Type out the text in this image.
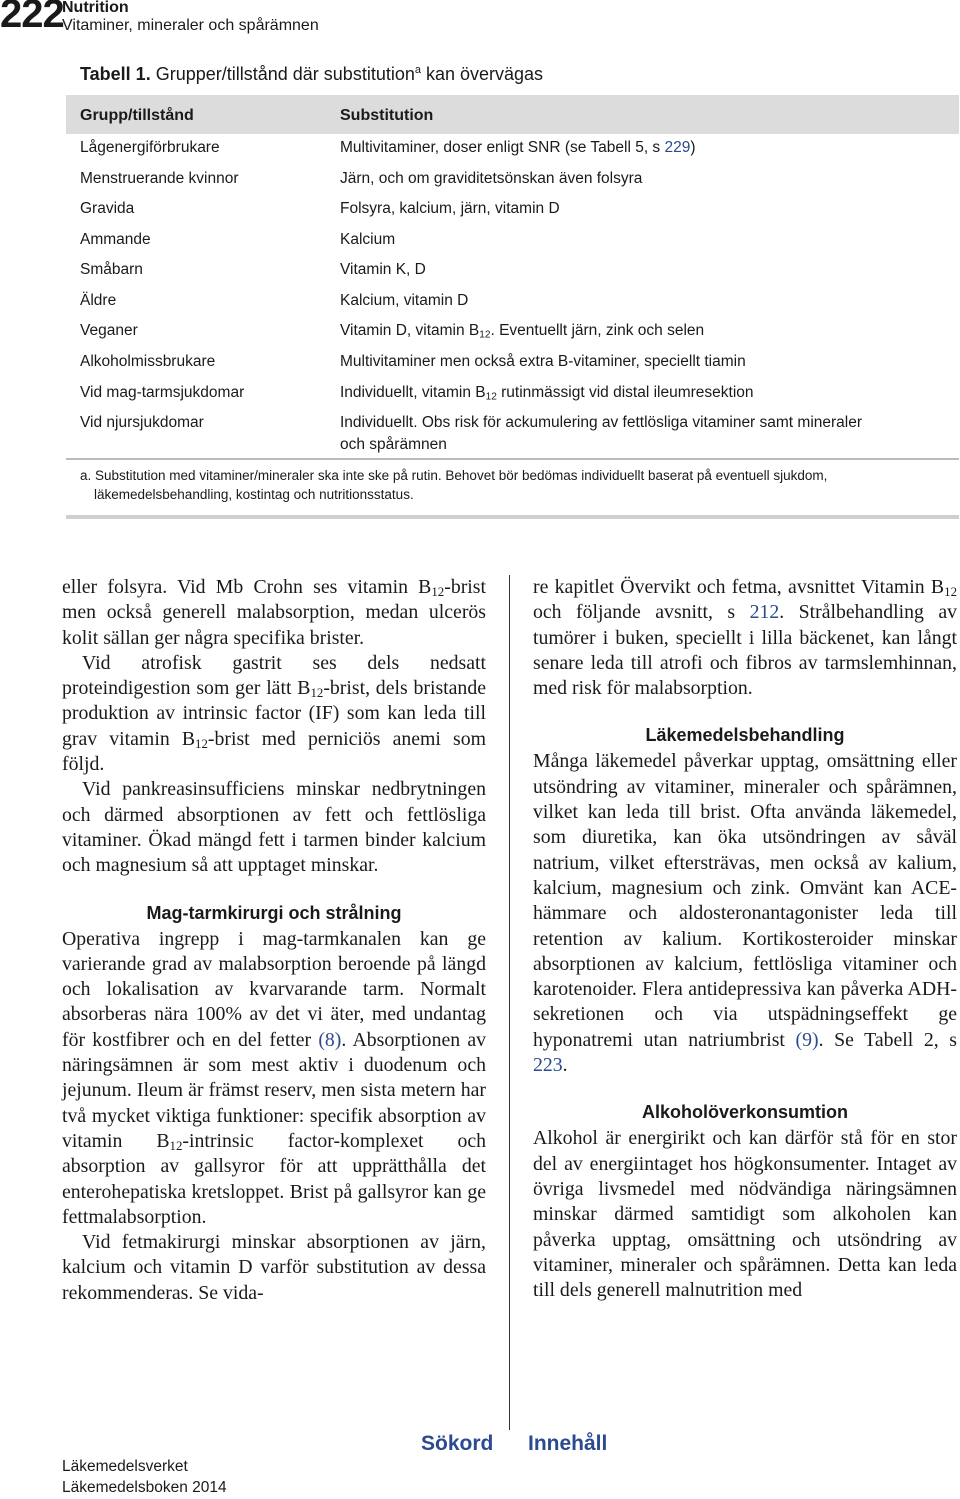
222
Nutrition
Vitaminer, mineraler och spårämnen
Tabell 1. Grupper/tillstånd där substitution$^a$ kan övervägas
Grupp/tillstånd	Substitution
Lågenergiförbrukare	Multivitaminer, doser enligt SNR (se Tabell 5, s 229)
Menstruerande kvinnor	Järn, och om graviditetsönskan även folsyra
Gravida	Folsyra, kalcium, järn, vitamin D
Ammande	Kalcium
Småbarn	Vitamin K, D
Äldre	Kalcium, vitamin D
Veganer	Vitamin D, vitamin $B_{12}$. Eventuellt järn, zink och selen
Alkoholmissbrukare	Multivitaminer men också extra B-vitaminer, speciellt tiamin
Vid mag-tarmsjukdomar	Individuellt, vitamin $B_{12}$ rutinmässigt vid distal ileumresektion
Vid njursjukdomar	Individuellt. Obs risk för ackumulering av fettlösliga vitaminer samt mineraler
och spårämnen
a. Substitution med vitaminer/mineraler ska inte ske på rutin. Behovet bör bedömas individuellt baserat på eventuell sjukdom,
läkemedelsbehandling, kostintag och nutritionsstatus.

eller folsyra. Vid Mb Crohn ses vitamin $B_{12}$-brist men också generell malabsorption, medan ulcerös kolit sällan ger några specifika brister.

Vid atrofisk gastrit ses dels nedsatt proteindigestion som ger lätt $B_{12}$-brist, dels bristande produktion av intrinsic factor (IF) som kan leda till grav vitamin $B_{12}$-brist med perniciös anemi som följd.

Vid pankreasinsufficiens minskar nedbrytningen och därmed absorptionen av fett och fettlösliga vitaminer. Ökad mängd fett i tarmen binder kalcium och magnesium så att upptaget minskar.

Mag-tarmkirurgi och strålning

Operativa ingrepp i mag-tarmkanalen kan ge varierande grad av malabsorption beroende på längd och lokalisation av kvarvarande tarm. Normalt absorberas nära 100% av det vi äter, med undantag för kostfibrer och en del fetter (8). Absorptionen av näringsämnen är som mest aktiv i duodenum och jejunum. Ileum är främst reserv, men sista metern har två mycket viktiga funktioner: specifik absorption av vitamin $B_{12}$-intrinsic factor-komplexet och absorption av gallsyror för att upprätthålla det enterohepatiska kretsloppet. Brist på gallsyror kan ge fettmalabsorption.

Vid fetmakirurgi minskar absorptionen av järn, kalcium och vitamin D varför substitution av dessa rekommenderas. Se vida-

re kapitlet Övervikt och fetma, avsnittet Vitamin $B_{12}$ och följande avsnitt, s 212. Strålbehandling av tumörer i buken, speciellt i lilla bäckenet, kan långt senare leda till atrofi och fibros av tarmslemhinnan, med risk för malabsorption.

Läkemedelsbehandling

Många läkemedel påverkar upptag, omsättning eller utsöndring av vitaminer, mineraler och spårämnen, vilket kan leda till brist. Ofta använda läkemedel, som diuretika, kan öka utsöndringen av såväl natrium, vilket eftersträvas, men också av kalium, kalcium, magnesium och zink. Omvänt kan ACE-hämmare och aldosteronantagonister leda till retention av kalium. Kortikosteroider minskar absorptionen av kalcium, fettlösliga vitaminer och karotenoider. Flera antidepressiva kan påverka ADH-sekretionen och via utspädningseffekt ge hyponatremi utan natriumbrist (9). Se Tabell 2, s 223.

Alkoholöverkonsumtion

Alkohol är energirikt och kan därför stå för en stor del av energiintaget hos högkonsumenter. Intaget av övriga livsmedel med nödvändiga näringsämnen minskar därmed samtidigt som alkoholen kan påverka upptag, omsättning och utsöndring av vitaminer, mineraler och spårämnen. Detta kan leda till dels generell malnutrition med

Sökord Innehåll
Läkemedelsverket
Läkemedelsboken 2014
